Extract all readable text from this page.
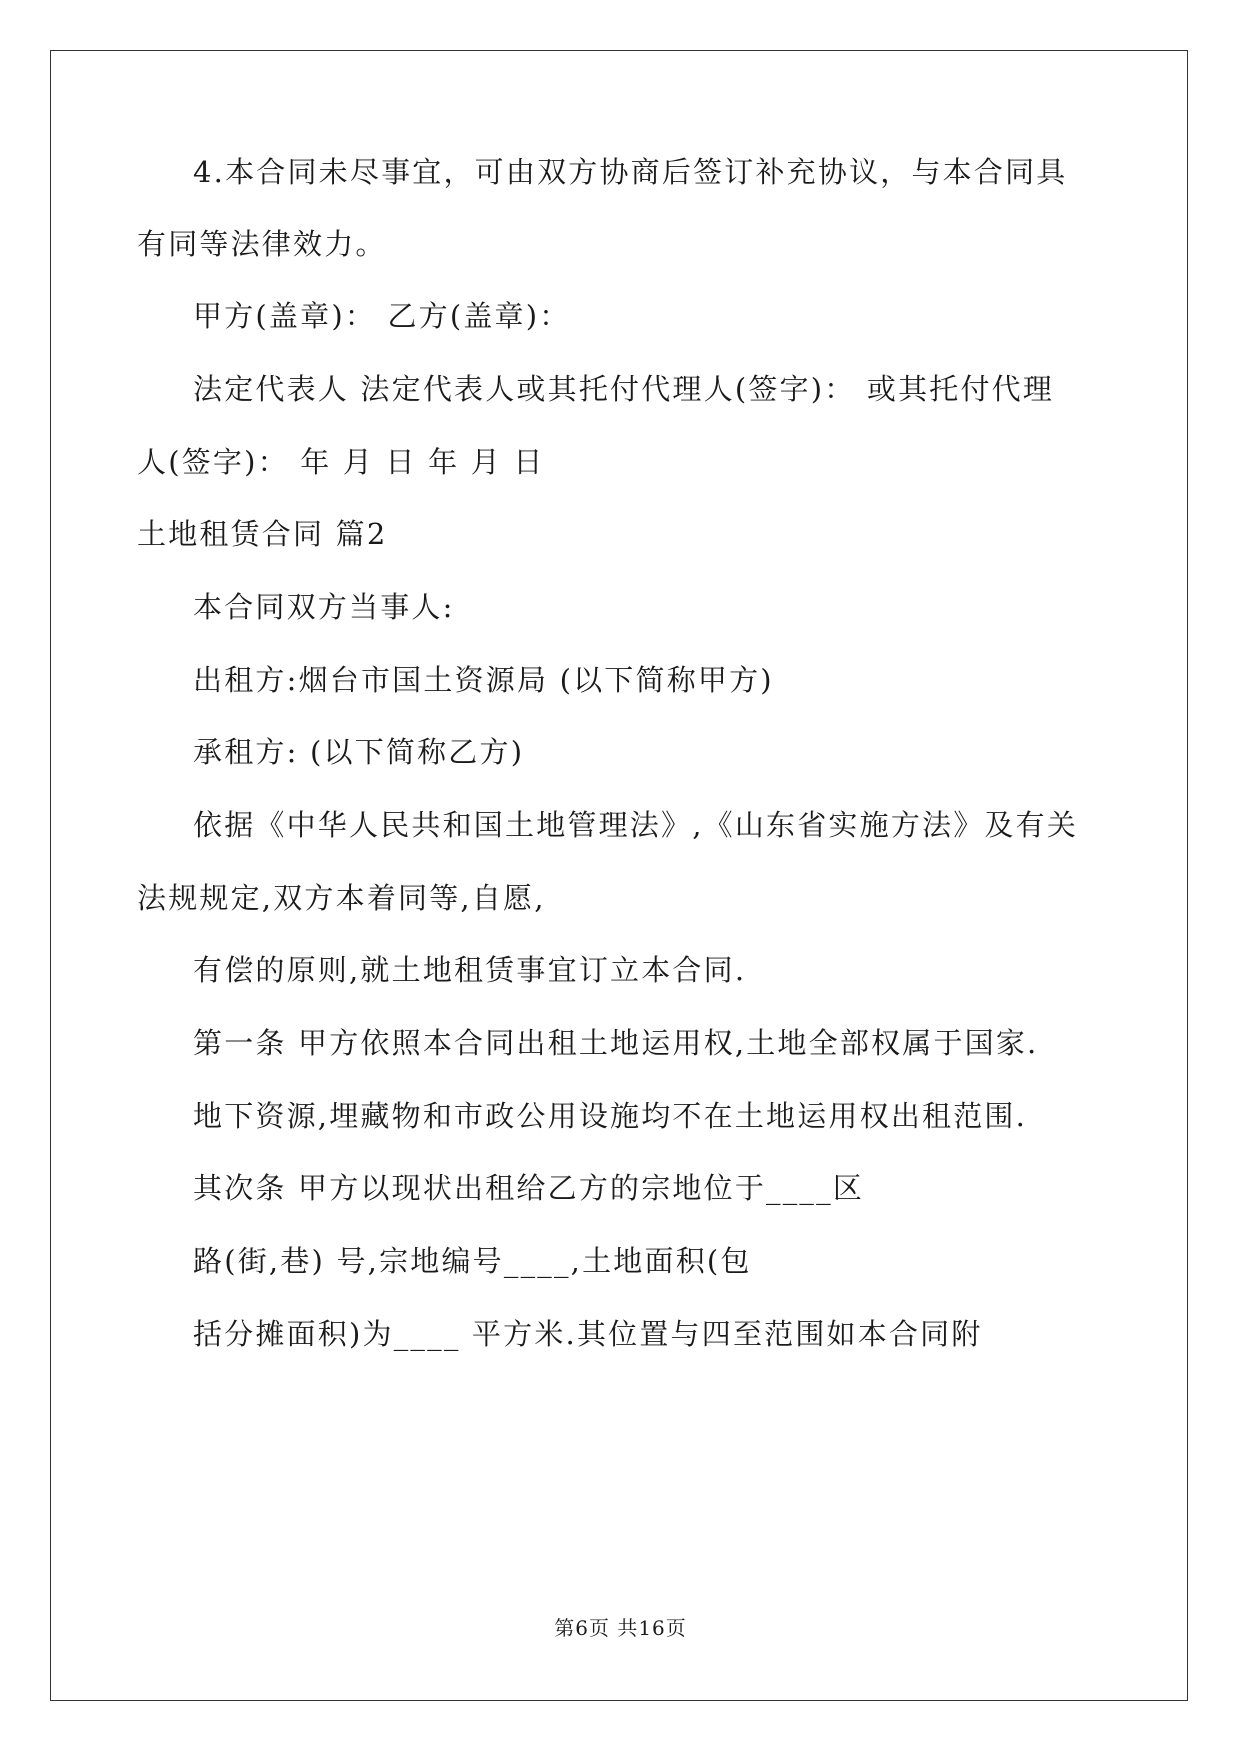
4.本合同未尽事宜，可由双方协商后签订补充协议，与本合同具
有同等法律效力。
甲方(盖章)： 乙方(盖章)：
法定代表人 法定代表人或其托付代理人(签字)： 或其托付代理
人(签字)： 年 月 日 年 月 日
土地租赁合同 篇2
本合同双方当事人:
出租方:烟台市国土资源局 (以下简称甲方)
承租方: (以下简称乙方)
依据《中华人民共和国土地管理法》,《山东省实施方法》及有关
法规规定,双方本着同等,自愿,
有偿的原则,就土地租赁事宜订立本合同.
第一条 甲方依照本合同出租土地运用权,土地全部权属于国家.
地下资源,埋藏物和市政公用设施均不在土地运用权出租范围.
其次条 甲方以现状出租给乙方的宗地位于____区
路(街,巷) 号,宗地编号____,土地面积(包
括分摊面积)为____ 平方米.其位置与四至范围如本合同附
第6页 共16页
